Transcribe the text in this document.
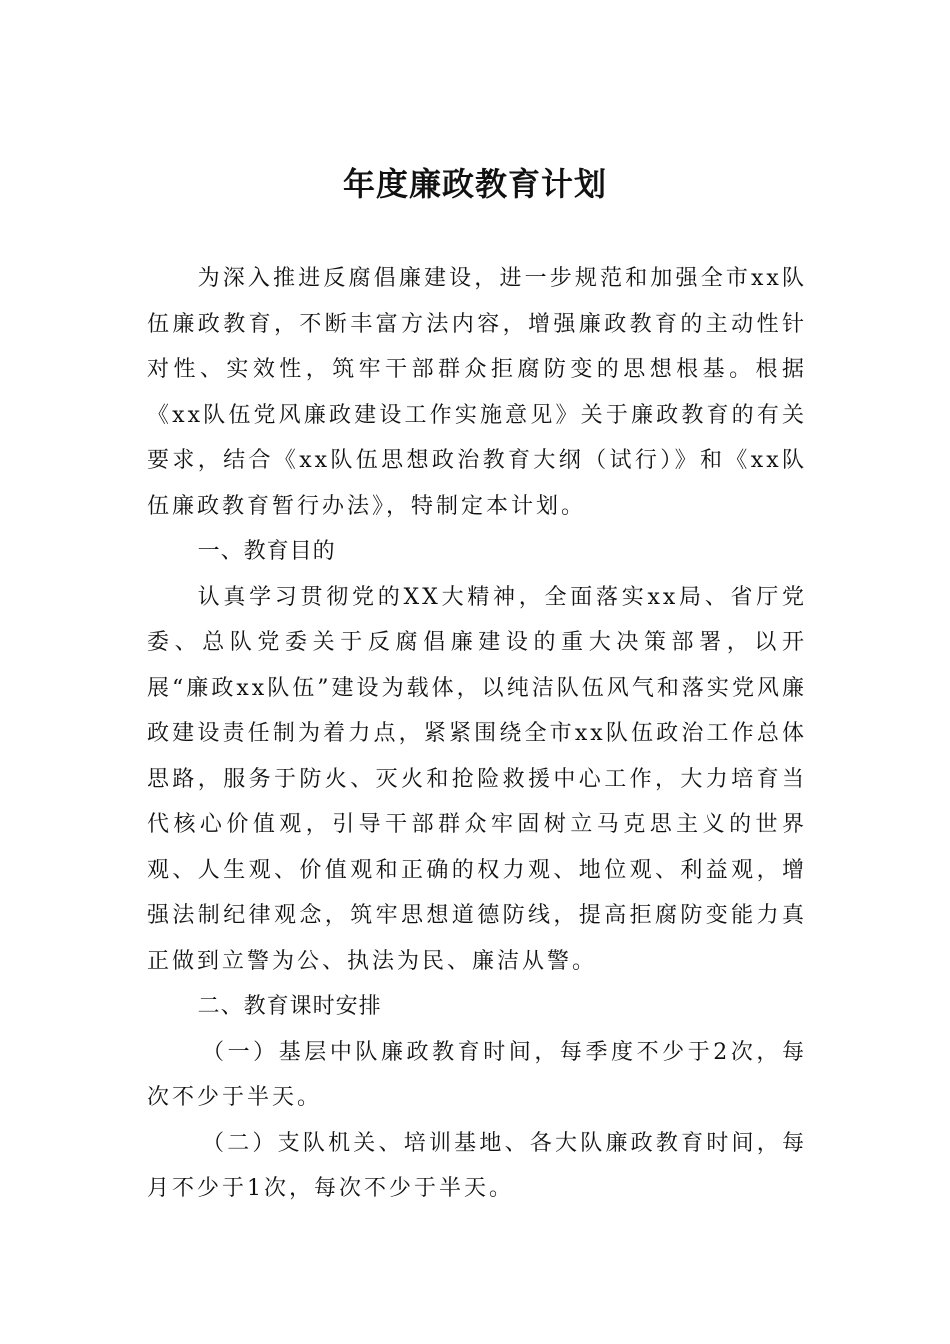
年度廉政教育计划

为深入推进反腐倡廉建设，进一步规范和加强全市xx队伍廉政教育，不断丰富方法内容，增强廉政教育的主动性针对性、实效性，筑牢干部群众拒腐防变的思想根基。根据《xx队伍党风廉政建设工作实施意见》关于廉政教育的有关要求，结合《xx队伍思想政治教育大纲（试行）》和《xx队伍廉政教育暂行办法》，特制定本计划。

一、教育目的

认真学习贯彻党的XX大精神，全面落实xx局、省厅党委、总队党委关于反腐倡廉建设的重大决策部署，以开展“廉政xx队伍”建设为载体，以纯洁队伍风气和落实党风廉政建设责任制为着力点，紧紧围绕全市xx队伍政治工作总体思路，服务于防火、灭火和抢险救援中心工作，大力培育当代核心价值观，引导干部群众牢固树立马克思主义的世界观、人生观、价值观和正确的权力观、地位观、利益观，增强法制纪律观念，筑牢思想道德防线，提高拒腐防变能力真正做到立警为公、执法为民、廉洁从警。

二、教育课时安排

（一）基层中队廉政教育时间，每季度不少于2次，每次不少于半天。

（二）支队机关、培训基地、各大队廉政教育时间，每月不少于1次，每次不少于半天。
